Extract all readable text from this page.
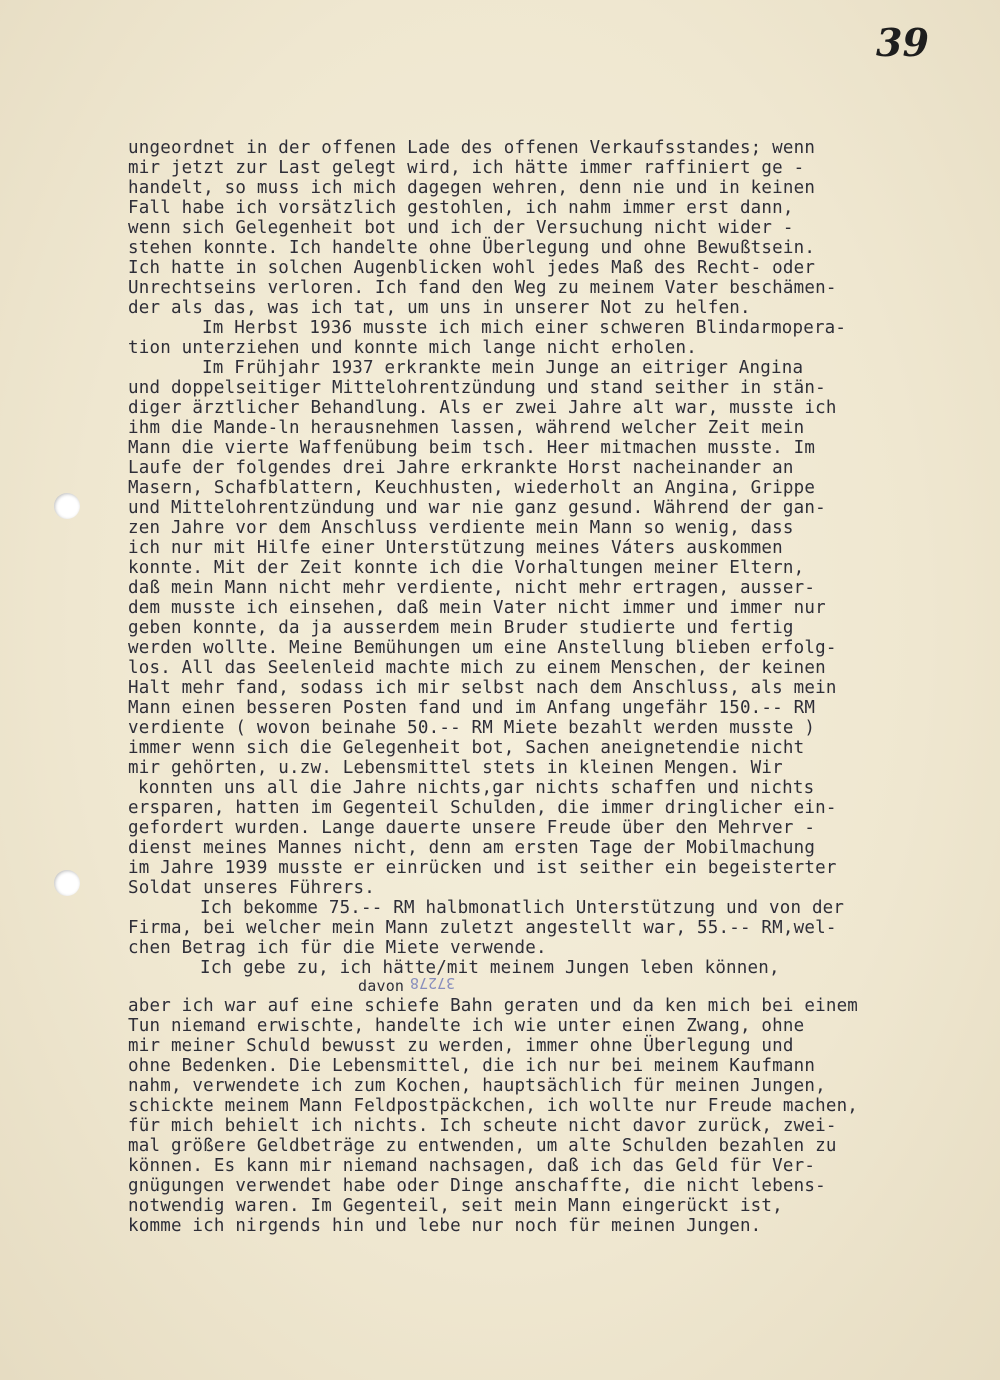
39
37278
ungeordnet in der offenen Lade des offenen Verkaufsstandes; wenn
mir jetzt zur Last gelegt wird, ich hätte immer raffiniert ge -
handelt, so muss ich mich dagegen wehren, denn nie und in keinen
Fall habe ich vorsätzlich gestohlen, ich nahm immer erst dann,
wenn sich Gelegenheit bot und ich der Versuchung nicht wider -
stehen konnte. Ich handelte ohne Überlegung und ohne Bewußtsein.
Ich hatte in solchen Augenblicken wohl jedes Maß des Recht- oder
Unrechtseins verloren. Ich fand den Weg zu meinem Vater beschämen-
der als das, was ich tat, um uns in unserer Not zu helfen.
Im Herbst 1936 musste ich mich einer schweren Blindarmopera-
tion unterziehen und konnte mich lange nicht erholen.
Im Frühjahr 1937 erkrankte mein Junge an eitriger Angina
und doppelseitiger Mittelohrentzündung und stand seither in stän-
diger ärztlicher Behandlung. Als er zwei Jahre alt war, musste ich
ihm die Mande-ln herausnehmen lassen, während welcher Zeit mein
Mann die vierte Waffenübung beim tsch. Heer mitmachen musste. Im
Laufe der folgendes drei Jahre erkrankte Horst nacheinander an
Masern, Schafblattern, Keuchhusten, wiederholt an Angina, Grippe
und Mittelohrentzündung und war nie ganz gesund. Während der gan-
zen Jahre vor dem Anschluss verdiente mein Mann so wenig, dass
ich nur mit Hilfe einer Unterstützung meines Váters auskommen
konnte. Mit der Zeit konnte ich die Vorhaltungen meiner Eltern,
daß mein Mann nicht mehr verdiente, nicht mehr ertragen, ausser-
dem musste ich einsehen, daß mein Vater nicht immer und immer nur
geben konnte, da ja ausserdem mein Bruder studierte und fertig
werden wollte. Meine Bemühungen um eine Anstellung blieben erfolg-
los. All das Seelenleid machte mich zu einem Menschen, der keinen
Halt mehr fand, sodass ich mir selbst nach dem Anschluss, als mein
Mann einen besseren Posten fand und im Anfang ungefähr 150.-- RM
verdiente ( wovon beinahe 50.-- RM Miete bezahlt werden musste )
immer wenn sich die Gelegenheit bot, Sachen aneignetendie nicht
mir gehörten, u.zw. Lebensmittel stets in kleinen Mengen. Wir
konnten uns all die Jahre nichts,gar nichts schaffen und nichts
ersparen, hatten im Gegenteil Schulden, die immer dringlicher ein-
gefordert wurden. Lange dauerte unsere Freude über den Mehrver -
dienst meines Mannes nicht, denn am ersten Tage der Mobilmachung
im Jahre 1939 musste er einrücken und ist seither ein begeisterter
Soldat unseres Führers.
Ich bekomme 75.-- RM halbmonatlich Unterstützung und von der
Firma, bei welcher mein Mann zuletzt angestellt war, 55.-- RM,wel-
chen Betrag ich für die Miete verwende.
Ich gebe zu, ich hätte/mit meinem Jungen leben können,
davon
aber ich war auf eine schiefe Bahn geraten und da ken mich bei einem
Tun niemand erwischte, handelte ich wie unter einen Zwang, ohne
mir meiner Schuld bewusst zu werden, immer ohne Überlegung und
ohne Bedenken. Die Lebensmittel, die ich nur bei meinem Kaufmann
nahm, verwendete ich zum Kochen, hauptsächlich für meinen Jungen,
schickte meinem Mann Feldpostpäckchen, ich wollte nur Freude machen,
für mich behielt ich nichts. Ich scheute nicht davor zurück, zwei-
mal größere Geldbeträge zu entwenden, um alte Schulden bezahlen zu
können. Es kann mir niemand nachsagen, daß ich das Geld für Ver-
gnügungen verwendet habe oder Dinge anschaffte, die nicht lebens-
notwendig waren. Im Gegenteil, seit mein Mann eingerückt ist,
komme ich nirgends hin und lebe nur noch für meinen Jungen.
